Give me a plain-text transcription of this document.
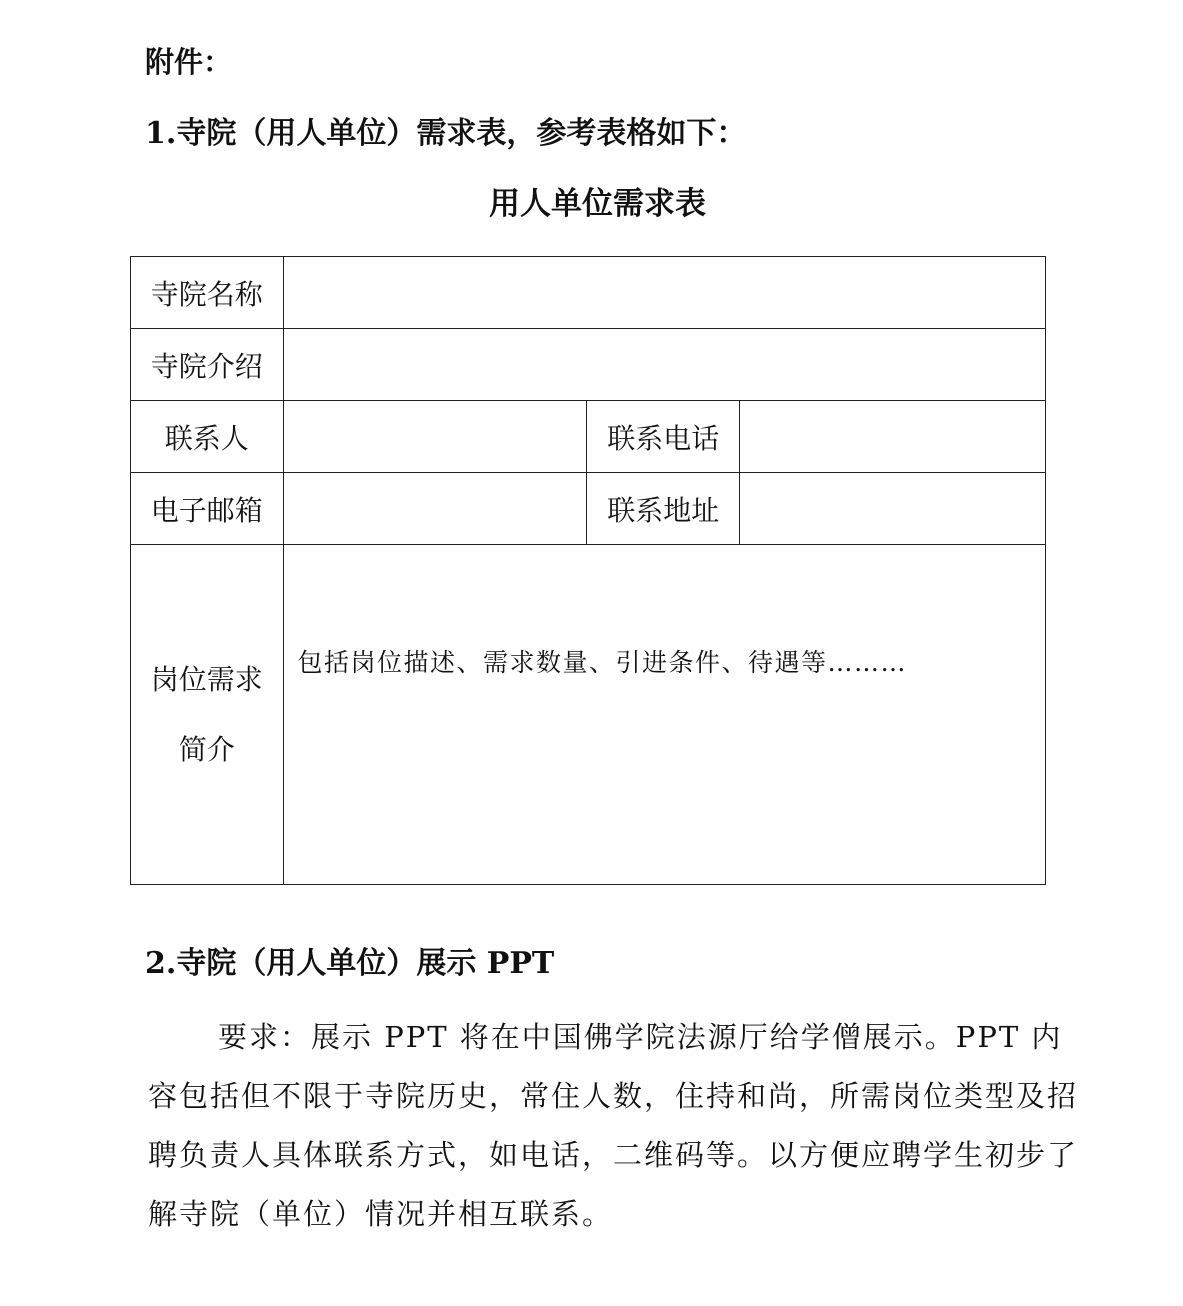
附件：
1.寺院（用人单位）需求表，参考表格如下：
用人单位需求表
寺院名称			
寺院介绍			
联系人		联系电话	
电子邮箱		联系地址	

岗位需求
简介	包括岗位描述、需求数量、引进条件、待遇等………		
2.寺院（用人单位）展示 PPT
要求：展示 PPT 将在中国佛学院法源厅给学僧展示。PPT 内容包括但不限于寺院历史，常住人数，住持和尚，所需岗位类型及招聘负责人具体联系方式，如电话，二维码等。以方便应聘学生初步了解寺院（单位）情况并相互联系。
